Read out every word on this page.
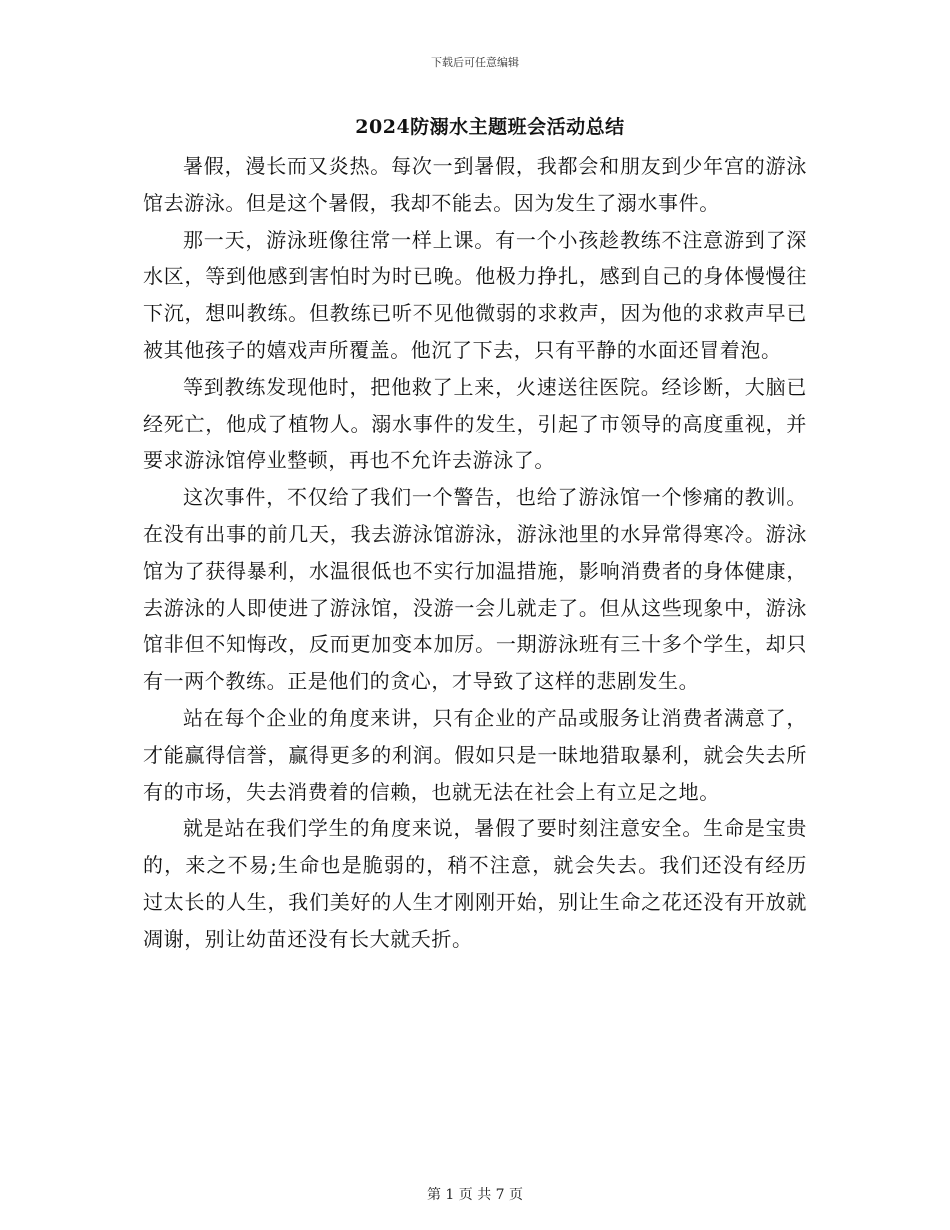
下载后可任意编辑
2024防溺水主题班会活动总结

暑假，漫长而又炎热。每次一到暑假，我都会和朋友到少年宫的游泳馆去游泳。但是这个暑假，我却不能去。因为发生了溺水事件。

那一天，游泳班像往常一样上课。有一个小孩趁教练不注意游到了深水区，等到他感到害怕时为时已晚。他极力挣扎，感到自己的身体慢慢往下沉，想叫教练。但教练已听不见他微弱的求救声，因为他的求救声早已被其他孩子的嬉戏声所覆盖。他沉了下去，只有平静的水面还冒着泡。

等到教练发现他时，把他救了上来，火速送往医院。经诊断，大脑已经死亡，他成了植物人。溺水事件的发生，引起了市领导的高度重视，并要求游泳馆停业整顿，再也不允许去游泳了。

这次事件，不仅给了我们一个警告，也给了游泳馆一个惨痛的教训。在没有出事的前几天，我去游泳馆游泳，游泳池里的水异常得寒冷。游泳馆为了获得暴利，水温很低也不实行加温措施，影响消费者的身体健康，去游泳的人即使进了游泳馆，没游一会儿就走了。但从这些现象中，游泳馆非但不知悔改，反而更加变本加厉。一期游泳班有三十多个学生，却只有一两个教练。正是他们的贪心，才导致了这样的悲剧发生。

站在每个企业的角度来讲，只有企业的产品或服务让消费者满意了，才能赢得信誉，赢得更多的利润。假如只是一昧地猎取暴利，就会失去所有的市场，失去消费着的信赖，也就无法在社会上有立足之地。

就是站在我们学生的角度来说，暑假了要时刻注意安全。生命是宝贵的，来之不易;生命也是脆弱的，稍不注意，就会失去。我们还没有经历过太长的人生，我们美好的人生才刚刚开始，别让生命之花还没有开放就凋谢，别让幼苗还没有长大就夭折。

第 1 页 共 7 页
